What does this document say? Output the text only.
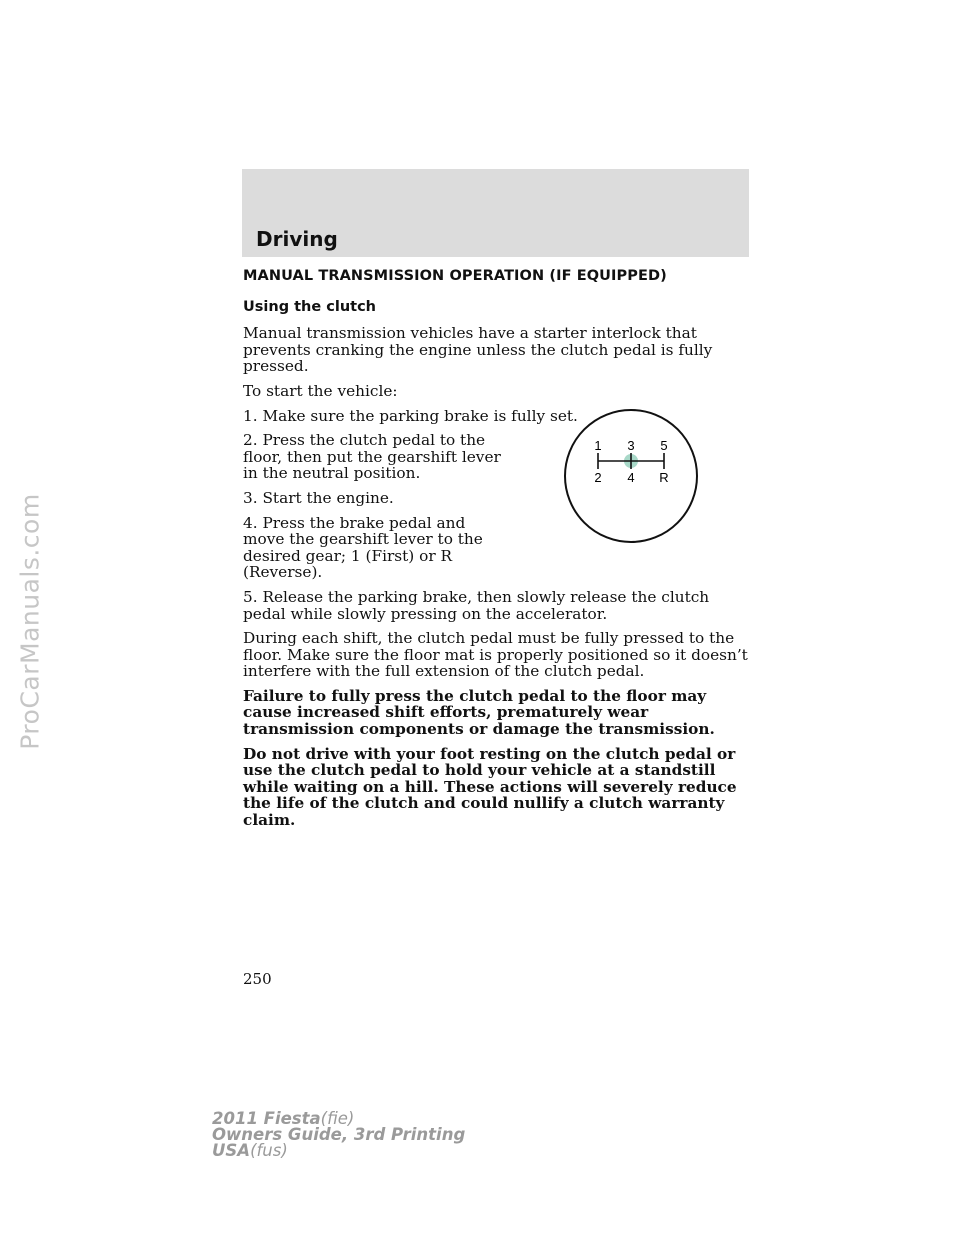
ProCarManuals.com
Driving
MANUAL TRANSMISSION OPERATION (IF EQUIPPED)
Using the clutch

Manual transmission vehicles have a starter interlock that prevents cranking the engine unless the clutch pedal is fully pressed.

To start the vehicle:

1. Make sure the parking brake is fully set.

2. Press the clutch pedal to the floor, then put the gearshift lever in the neutral position.

3. Start the engine.

4. Press the brake pedal and move the gearshift lever to the desired gear; 1 (First) or R (Reverse).

5. Release the parking brake, then slowly release the clutch pedal while slowly pressing on the accelerator.

During each shift, the clutch pedal must be fully pressed to the floor. Make sure the floor mat is properly positioned so it doesn’t interfere with the full extension of the clutch pedal.

Failure to fully press the clutch pedal to the floor may cause increased shift efforts, prematurely wear transmission components or damage the transmission.

Do not drive with your foot resting on the clutch pedal or use the clutch pedal to hold your vehicle at a standstill while waiting on a hill. These actions will severely reduce the life of the clutch and could nullify a clutch warranty claim.

1 3 5
2 4 R
250
2011 Fiesta(fie)
Owners Guide, 3rd Printing
USA(fus)
